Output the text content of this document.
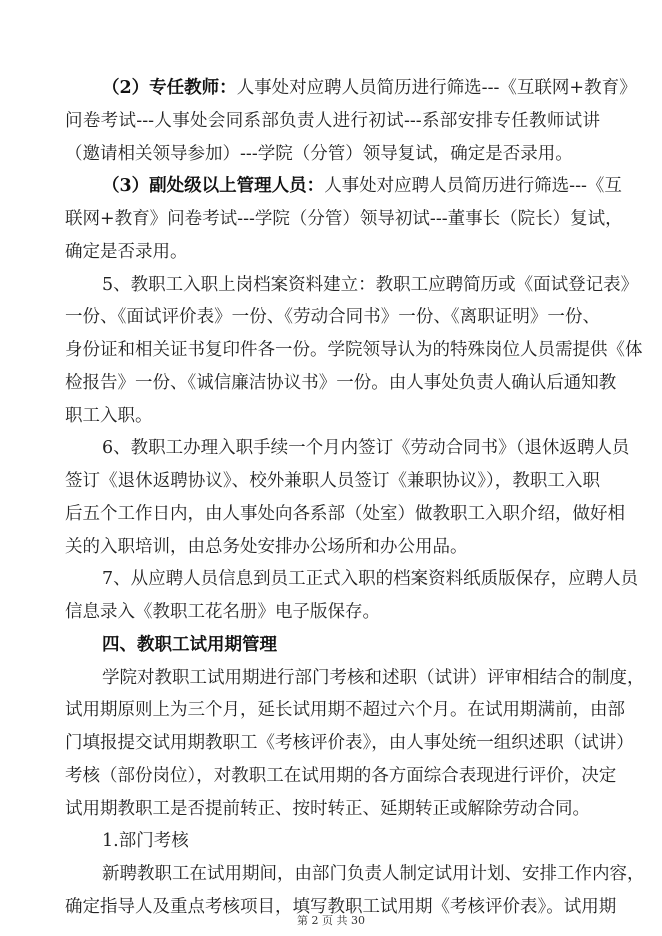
（2）专任教师：人事处对应聘人员简历进行筛选---《互联网+教育》
问卷考试---人事处会同系部负责人进行初试---系部安排专任教师试讲
（邀请相关领导参加）---学院（分管）领导复试，确定是否录用。
（3）副处级以上管理人员：人事处对应聘人员简历进行筛选---《互
联网+教育》问卷考试---学院（分管）领导初试---董事长（院长）复试，
确定是否录用。
5、教职工入职上岗档案资料建立：教职工应聘简历或《面试登记表》
一份、《面试评价表》一份、《劳动合同书》一份、《离职证明》一份、
身份证和相关证书复印件各一份。学院领导认为的特殊岗位人员需提供《体
检报告》一份、《诚信廉洁协议书》一份。由人事处负责人确认后通知教
职工入职。
6、教职工办理入职手续一个月内签订《劳动合同书》（退休返聘人员
签订《退休返聘协议》、校外兼职人员签订《兼职协议》），教职工入职
后五个工作日内，由人事处向各系部（处室）做教职工入职介绍，做好相
关的入职培训，由总务处安排办公场所和办公用品。
7、从应聘人员信息到员工正式入职的档案资料纸质版保存，应聘人员
信息录入《教职工花名册》电子版保存。
四、教职工试用期管理
学院对教职工试用期进行部门考核和述职（试讲）评审相结合的制度，
试用期原则上为三个月，延长试用期不超过六个月。在试用期满前，由部
门填报提交试用期教职工《考核评价表》，由人事处统一组织述职（试讲）
考核（部份岗位），对教职工在试用期的各方面综合表现进行评价，决定
试用期教职工是否提前转正、按时转正、延期转正或解除劳动合同。
1.部门考核
新聘教职工在试用期间，由部门负责人制定试用计划、安排工作内容，
确定指导人及重点考核项目，填写教职工试用期《考核评价表》。试用期
第 2 页 共 30
